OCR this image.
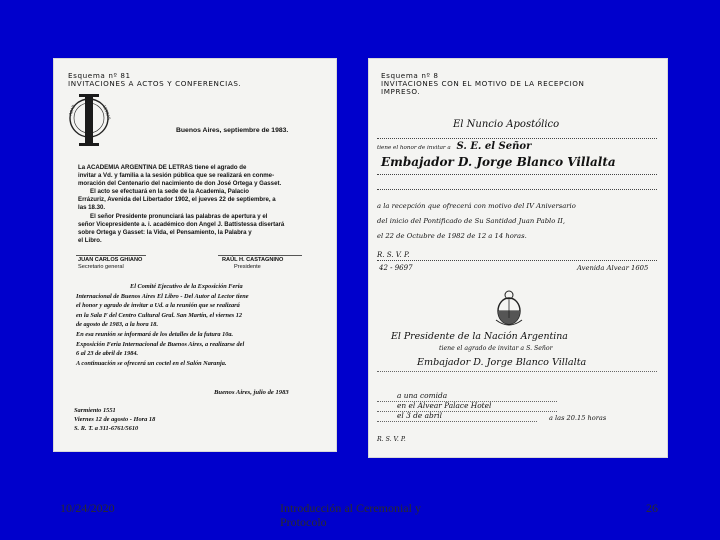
Esquema nº 81
INVITACIONES A ACTOS Y CONFERENCIAS.
ACAD	LETRAS
Buenos Aires, septiembre de 1983.

La ACADEMIA ARGENTINA DE LETRAS tiene el agrado de

invitar a Vd. y familia a la sesión pública que se realizará en conme-

moración del Centenario del nacimiento de don José Ortega y Gasset.

El acto se efectuará en la sede de la Academia, Palacio

Errázuriz, Avenida del Libertador 1902, el jueves 22 de septiembre, a

las 18.30.

El señor Presidente pronunciará las palabras de apertura y el

señor Vicepresidente a. i. académico don Angel J. Battistessa disertará

sobre Ortega y Gasset: la Vida, el Pensamiento, la Palabra y

el Libro.

JUAN CARLOS GHIANO
Secretario general
RAÚL H. CASTAGNINO
Presidente

El Comité Ejecutivo de la Exposición Feria

Internacional de Buenos Aires El Libro - Del Autor al Lector tiene

el honor y agrado de invitar a Ud. a la reunión que se realizará

en la Sala F del Centro Cultural Gral. San Martín, el viernes 12

de agosto de 1983, a la hora 18.

En esa reunión se informará de los detalles de la futura 10a.

Exposición Feria Internacional de Buenos Aires, a realizarse del

6 al 23 de abril de 1984.

A continuación se ofrecerá un coctel en el Salón Naranja.

Buenos Aires, julio de 1983

Sarmiento 1551

Viernes 12 de agosto - Hora 18

S. R. T. a 311-6761/5610

Esquema nº 8
INVITACIONES CON EL MOTIVO DE LA RECEPCION
IMPRESO.
El Nuncio Apostólico
tiene el honor de invitar a S. E. el Señor
Embajador D. Jorge Blanco Villalta

a la recepción que ofrecerá con motivo del IV Aniversario

del inicio del Pontificado de Su Santidad Juan Pablo II,

el 22 de Octubre de 1982 de 12 a 14 horas.

R. S. V. P.
42 - 9697	Avenida Alvear 1605
El Presidente de la Nación Argentina
tiene el agrado de invitar a S. Señor
Embajador D. Jorge Blanco Villalta
a una comida
en el Alvear Palace Hotel
el 3 de abril	a las 20.15 horas
R. S. V. P.
10/24/2020	Introducción al Ceremonial y Protocolo
26
